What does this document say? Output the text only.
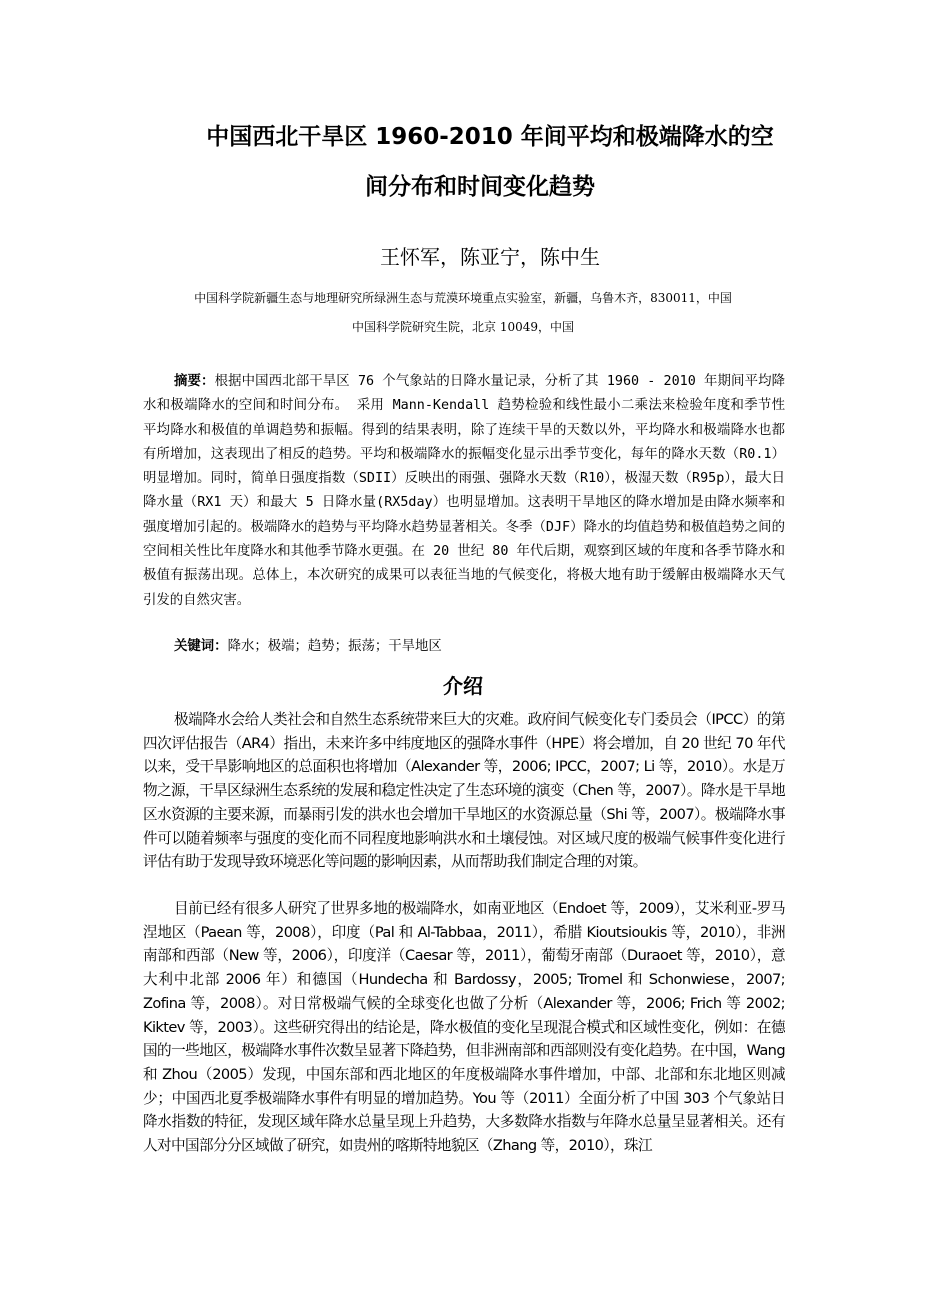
中国西北干旱区 1960-2010 年间平均和极端降水的空
间分布和时间变化趋势
王怀军，陈亚宁，陈中生
中国科学院新疆生态与地理研究所绿洲生态与荒漠环境重点实验室，新疆，乌鲁木齐，830011，中国
中国科学院研究生院，北京 10049，中国

摘要：根据中国西北部干旱区 76 个气象站的日降水量记录，分析了其 1960 - 2010 年期间平均降水和极端降水的空间和时间分布。 采用 Mann-Kendall 趋势检验和线性最小二乘法来检验年度和季节性平均降水和极值的单调趋势和振幅。得到的结果表明，除了连续干旱的天数以外，平均降水和极端降水也都有所增加，这表现出了相反的趋势。平均和极端降水的振幅变化显示出季节变化，每年的降水天数（R0.1）明显增加。同时，简单日强度指数（SDII）反映出的雨强、强降水天数（R10），极湿天数（R95p），最大日降水量（RX1 天）和最大 5 日降水量(RX5day）也明显增加。这表明干旱地区的降水增加是由降水频率和强度增加引起的。极端降水的趋势与平均降水趋势显著相关。冬季（DJF）降水的均值趋势和极值趋势之间的空间相关性比年度降水和其他季节降水更强。在 20 世纪 80 年代后期，观察到区域的年度和各季节降水和极值有振荡出现。总体上，本次研究的成果可以表征当地的气候变化，将极大地有助于缓解由极端降水天气引发的自然灾害。

关键词：降水；极端；趋势；振荡；干旱地区

介绍

极端降水会给人类社会和自然生态系统带来巨大的灾难。政府间气候变化专门委员会（IPCC）的第四次评估报告（AR4）指出，未来许多中纬度地区的强降水事件（HPE）将会增加，自 20 世纪 70 年代以来，受干旱影响地区的总面积也将增加（Alexander 等，2006; IPCC，2007; Li 等，2010）。水是万物之源，干旱区绿洲生态系统的发展和稳定性决定了生态环境的演变（Chen 等，2007）。降水是干旱地区水资源的主要来源，而暴雨引发的洪水也会增加干旱地区的水资源总量（Shi 等，2007）。极端降水事件可以随着频率与强度的变化而不同程度地影响洪水和土壤侵蚀。对区域尺度的极端气候事件变化进行评估有助于发现导致环境恶化等问题的影响因素，从而帮助我们制定合理的对策。

目前已经有很多人研究了世界多地的极端降水，如南亚地区（Endoet 等，2009），艾米利亚-罗马涅地区（Paean 等，2008），印度（Pal 和 Al-Tabbaa，2011），希腊 Kioutsioukis 等，2010），非洲南部和西部（New 等，2006），印度洋（Caesar 等，2011），葡萄牙南部（Duraoet 等，2010），意大利中北部 2006 年）和德国（Hundecha 和 Bardossy，2005; Tromel 和 Schonwiese，2007; Zofina 等，2008）。对日常极端气候的全球变化也做了分析（Alexander 等，2006; Frich 等 2002; Kiktev 等，2003）。这些研究得出的结论是，降水极值的变化呈现混合模式和区域性变化，例如：在德国的一些地区，极端降水事件次数呈显著下降趋势，但非洲南部和西部则没有变化趋势。在中国，Wang 和 Zhou（2005）发现，中国东部和西北地区的年度极端降水事件增加，中部、北部和东北地区则减少；中国西北夏季极端降水事件有明显的增加趋势。You 等（2011）全面分析了中国 303 个气象站日降水指数的特征，发现区域年降水总量呈现上升趋势，大多数降水指数与年降水总量呈显著相关。还有人对中国部分分区域做了研究，如贵州的喀斯特地貌区（Zhang 等，2010），珠江
